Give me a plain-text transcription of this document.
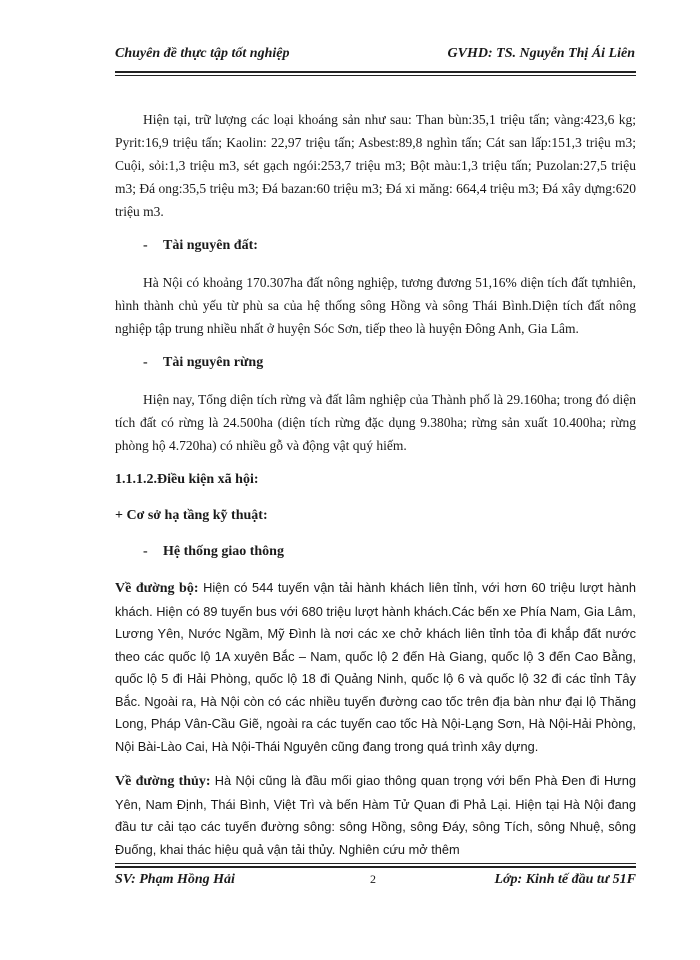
Chuyên đề thực tập tốt nghiệp	GVHD: TS. Nguyễn Thị Ái Liên

Hiện tại, trữ lượng các loại khoáng sản như sau: Than bùn:35,1 triệu tấn; vàng:423,6 kg; Pyrit:16,9 triệu tấn; Kaolin: 22,97 triệu tấn; Asbest:89,8 nghìn tấn; Cát san lấp:151,3 triệu m3; Cuội, sỏi:1,3 triệu m3, sét gạch ngói:253,7 triệu m3; Bột màu:1,3 triệu tấn; Puzolan:27,5 triệu m3; Đá ong:35,5 triệu m3; Đá bazan:60 triệu m3; Đá xi măng: 664,4 triệu m3; Đá xây dựng:620 triệu m3.

- Tài nguyên đất:

Hà Nội có khoảng 170.307ha đất nông nghiệp, tương đương 51,16% diện tích đất tựnhiên, hình thành chủ yếu từ phù sa của hệ thống sông Hồng và sông Thái Bình.Diện tích đất nông nghiệp tập trung nhiều nhất ở huyện Sóc Sơn, tiếp theo là huyện Đông Anh, Gia Lâm.

- Tài nguyên rừng

Hiện nay, Tổng diện tích rừng và đất lâm nghiệp của Thành phố là 29.160ha; trong đó diện tích đất có rừng là 24.500ha (diện tích rừng đặc dụng 9.380ha; rừng sản xuất 10.400ha; rừng phòng hộ 4.720ha) có nhiều gỗ và động vật quý hiếm.

1.1.1.2.Điều kiện xã hội:
+ Cơ sở hạ tầng kỹ thuật:
- Hệ thống giao thông

Về đường bộ: Hiện có 544 tuyến vận tải hành khách liên tỉnh, với hơn 60 triệu lượt hành khách. Hiện có 89 tuyến bus với 680 triệu lượt hành khách.Các bến xe Phía Nam, Gia Lâm, Lương Yên, Nước Ngầm, Mỹ Đình là nơi các xe chở khách liên tỉnh tỏa đi khắp đất nước theo các quốc lộ 1A xuyên Bắc – Nam, quốc lộ 2 đến Hà Giang, quốc lộ 3 đến Cao Bằng, quốc lộ 5 đi Hải Phòng, quốc lộ 18 đi Quảng Ninh, quốc lộ 6 và quốc lộ 32 đi các tỉnh Tây Bắc. Ngoài ra, Hà Nội còn có các nhiều tuyến đường cao tốc trên địa bàn như đại lộ Thăng Long, Pháp Vân-Cầu Giẽ, ngoài ra các tuyến cao tốc Hà Nội-Lạng Sơn, Hà Nội-Hải Phòng, Nội Bài-Lào Cai, Hà Nội-Thái Nguyên cũng đang trong quá trình xây dựng.

Về đường thủy: Hà Nội cũng là đầu mối giao thông quan trọng với bến Phà Đen đi Hưng Yên, Nam Định, Thái Bình, Việt Trì và bến Hàm Tử Quan đi Phả Lại. Hiện tại Hà Nội đang đầu tư cải tạo các tuyến đường sông: sông Hồng, sông Đáy, sông Tích, sông Nhuệ, sông Đuống, khai thác hiệu quả vận tải thủy. Nghiên cứu mở thêm

SV: Phạm Hồng Hải	2	Lớp: Kinh tế đầu tư 51F
